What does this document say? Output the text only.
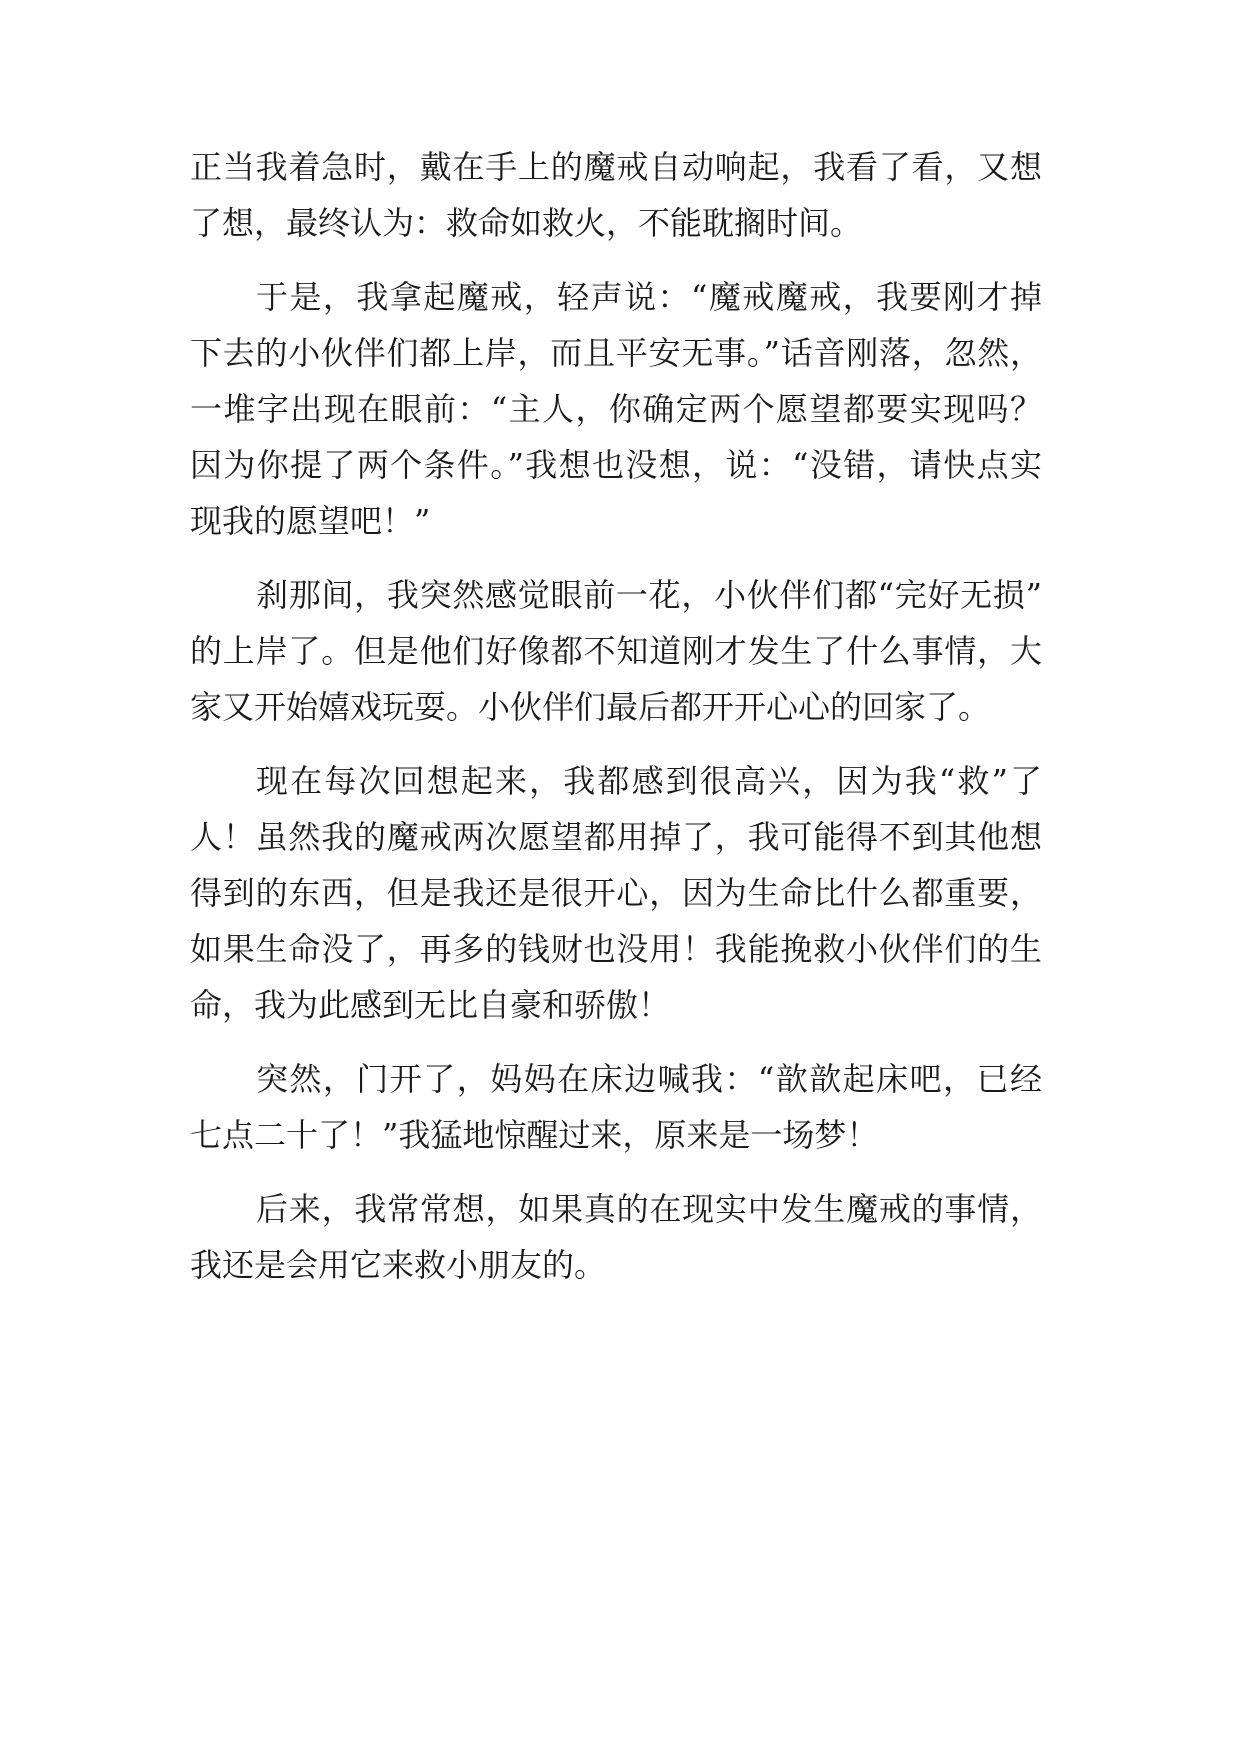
正当我着急时，戴在手上的魔戒自动响起，我看了看，又想
了想，最终认为：救命如救火，不能耽搁时间。
于是，我拿起魔戒，轻声说：“魔戒魔戒，我要刚才掉
下去的小伙伴们都上岸，而且平安无事。”话音刚落，忽然，
一堆字出现在眼前：“主人，你确定两个愿望都要实现吗？
因为你提了两个条件。”我想也没想，说：“没错，请快点实
现我的愿望吧！”
刹那间，我突然感觉眼前一花，小伙伴们都“完好无损”
的上岸了。但是他们好像都不知道刚才发生了什么事情，大
家又开始嬉戏玩耍。小伙伴们最后都开开心心的回家了。
现在每次回想起来，我都感到很高兴，因为我“救”了
人！虽然我的魔戒两次愿望都用掉了，我可能得不到其他想
得到的东西，但是我还是很开心，因为生命比什么都重要，
如果生命没了，再多的钱财也没用！我能挽救小伙伴们的生
命，我为此感到无比自豪和骄傲！
突然，门开了，妈妈在床边喊我：“歆歆起床吧，已经
七点二十了！”我猛地惊醒过来，原来是一场梦！
后来，我常常想，如果真的在现实中发生魔戒的事情，
我还是会用它来救小朋友的。
